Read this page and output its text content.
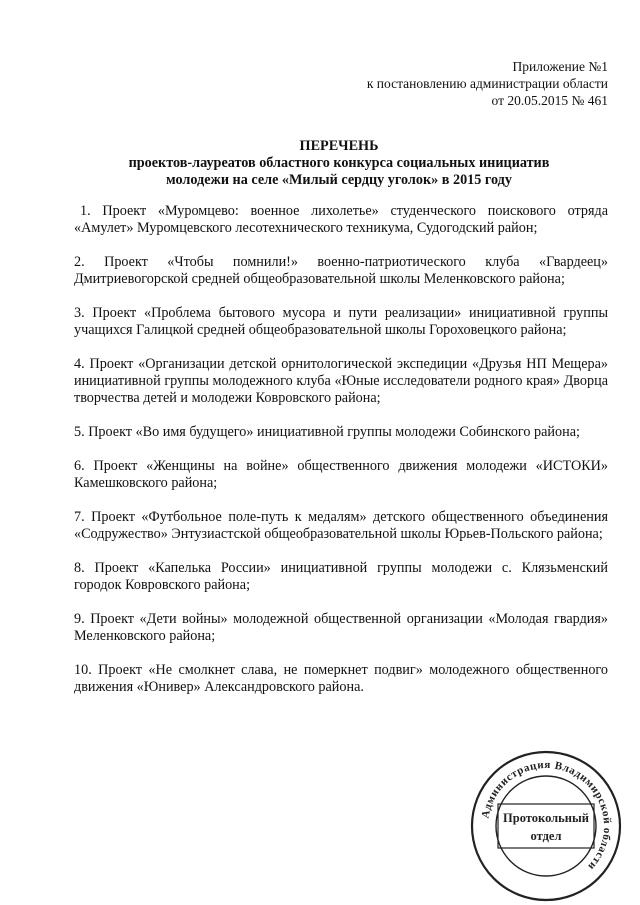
Приложение №1
к постановлению администрации области
от 20.05.2015 № 461
ПЕРЕЧЕНЬ
проектов-лауреатов областного конкурса социальных инициатив
молодежи на селе «Милый сердцу уголок» в 2015 году

1. Проект «Муромцево: военное лихолетье» студенческого поискового отряда «Амулет» Муромцевского лесотехнического техникума, Судогодский район;

2. Проект «Чтобы помнили!» военно-патриотического клуба «Гвардеец» Дмитриевогорской средней общеобразовательной школы Меленковского района;

3. Проект «Проблема бытового мусора и пути реализации» инициативной группы учащихся Галицкой средней общеобразовательной школы Гороховецкого района;

4. Проект «Организации детской орнитологической экспедиции «Друзья НП Мещера» инициативной группы молодежного клуба «Юные исследователи родного края» Дворца творчества детей и молодежи Ковровского района;

5. Проект «Во имя будущего» инициативной группы молодежи Собинского района;

6. Проект «Женщины на войне» общественного движения молодежи «ИСТОКИ» Камешковского района;

7. Проект «Футбольное поле-путь к медалям» детского общественного объединения «Содружество» Энтузиастской общеобразовательной школы Юрьев-Польского района;

8. Проект «Капелька России» инициативной группы молодежи с. Клязьменский городок Ковровского района;

9. Проект «Дети войны» молодежной общественной организации «Молодая гвардия» Меленковского района;

10. Проект «Не смолкнет слава, не померкнет подвиг» молодежного общественного движения «Юнивер» Александровского района.

Администрация Владимирской области
Протокольный
отдел
